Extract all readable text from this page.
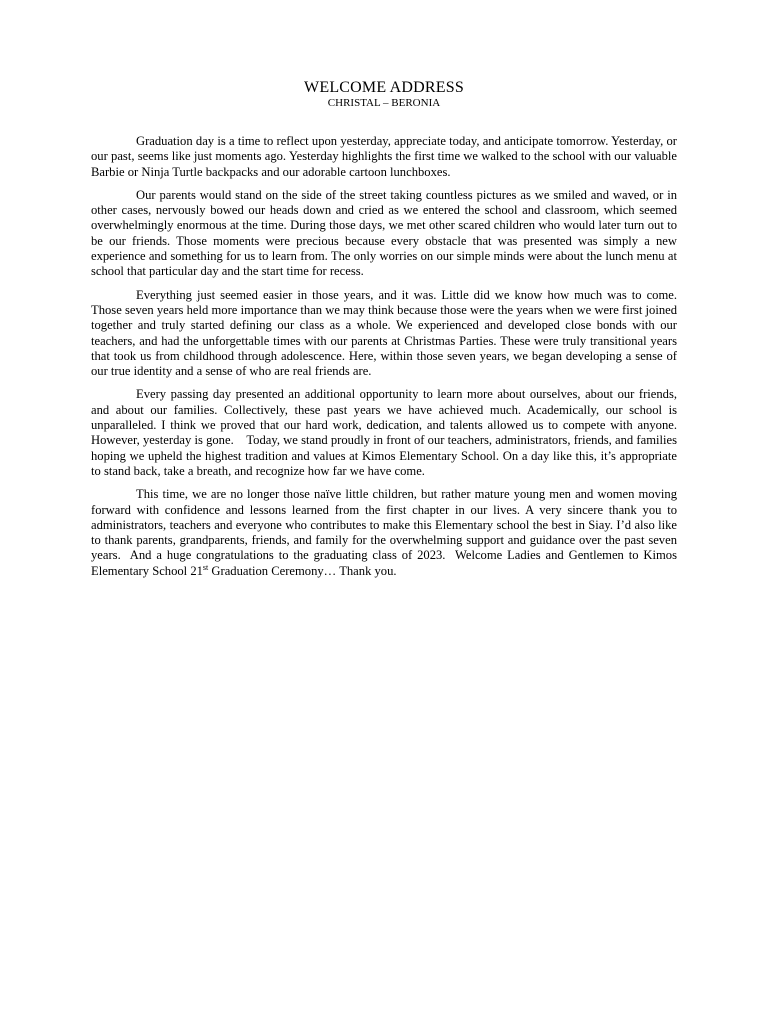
WELCOME ADDRESS
CHRISTAL – BERONIA

Graduation day is a time to reflect upon yesterday, appreciate today, and anticipate tomorrow. Yesterday, or our past, seems like just moments ago. Yesterday highlights the first time we walked to the school with our valuable Barbie or Ninja Turtle backpacks and our adorable cartoon lunchboxes.

Our parents would stand on the side of the street taking countless pictures as we smiled and waved, or in other cases, nervously bowed our heads down and cried as we entered the school and classroom, which seemed overwhelmingly enormous at the time. During those days, we met other scared children who would later turn out to be our friends. Those moments were precious because every obstacle that was presented was simply a new experience and something for us to learn from. The only worries on our simple minds were about the lunch menu at school that particular day and the start time for recess.

Everything just seemed easier in those years, and it was. Little did we know how much was to come. Those seven years held more importance than we may think because those were the years when we were first joined together and truly started defining our class as a whole. We experienced and developed close bonds with our teachers, and had the unforgettable times with our parents at Christmas Parties. These were truly transitional years that took us from childhood through adolescence. Here, within those seven years, we began developing a sense of our true identity and a sense of who are real friends are.

Every passing day presented an additional opportunity to learn more about ourselves, about our friends, and about our families. Collectively, these past years we have achieved much. Academically, our school is unparalleled. I think we proved that our hard work, dedication, and talents allowed us to compete with anyone. However, yesterday is gone.    Today, we stand proudly in front of our teachers, administrators, friends, and families hoping we upheld the highest tradition and values at Kimos Elementary School. On a day like this, it’s appropriate to stand back, take a breath, and recognize how far we have come.

This time, we are no longer those naïve little children, but rather mature young men and women moving forward with confidence and lessons learned from the first chapter in our lives. A very sincere thank you to administrators, teachers and everyone who contributes to make this Elementary school the best in Siay. I’d also like to thank parents, grandparents, friends, and family for the overwhelming support and guidance over the past seven years.  And a huge congratulations to the graduating class of 2023.  Welcome Ladies and Gentlemen to Kimos Elementary School 21st Graduation Ceremony… Thank you.
